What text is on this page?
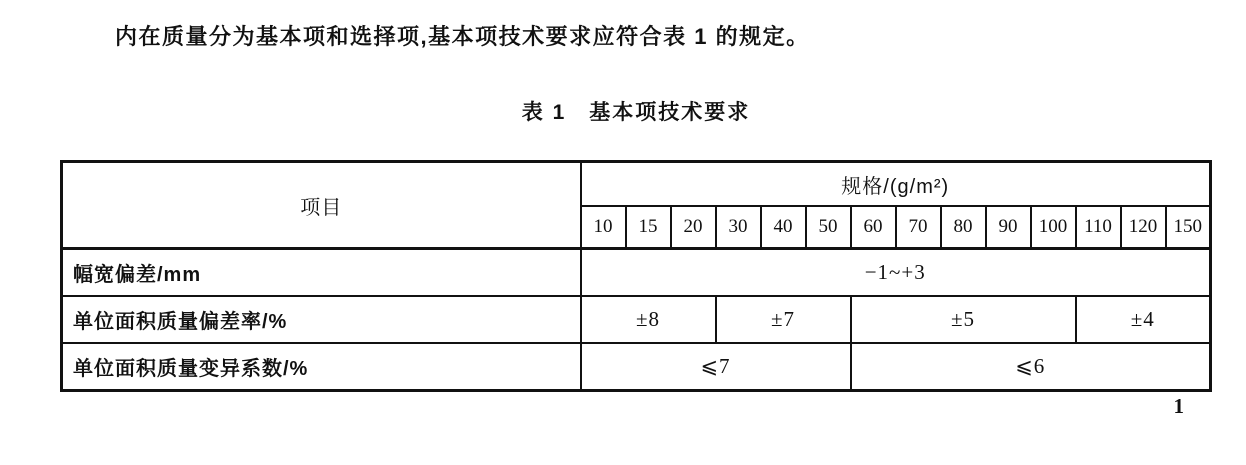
内在质量分为基本项和选择项,基本项技术要求应符合表 1 的规定。

表 1　基本项技术要求
项目	规格/(g/m²)													
	10	15	20	30	40	50	60	70	80	90	100	110	120	150
幅宽偏差/mm	−1~+3													
单位面积质量偏差率/%	±8			±7			±5					±4		
单位面积质量变异系数/%	⩽7						⩽6							
1
